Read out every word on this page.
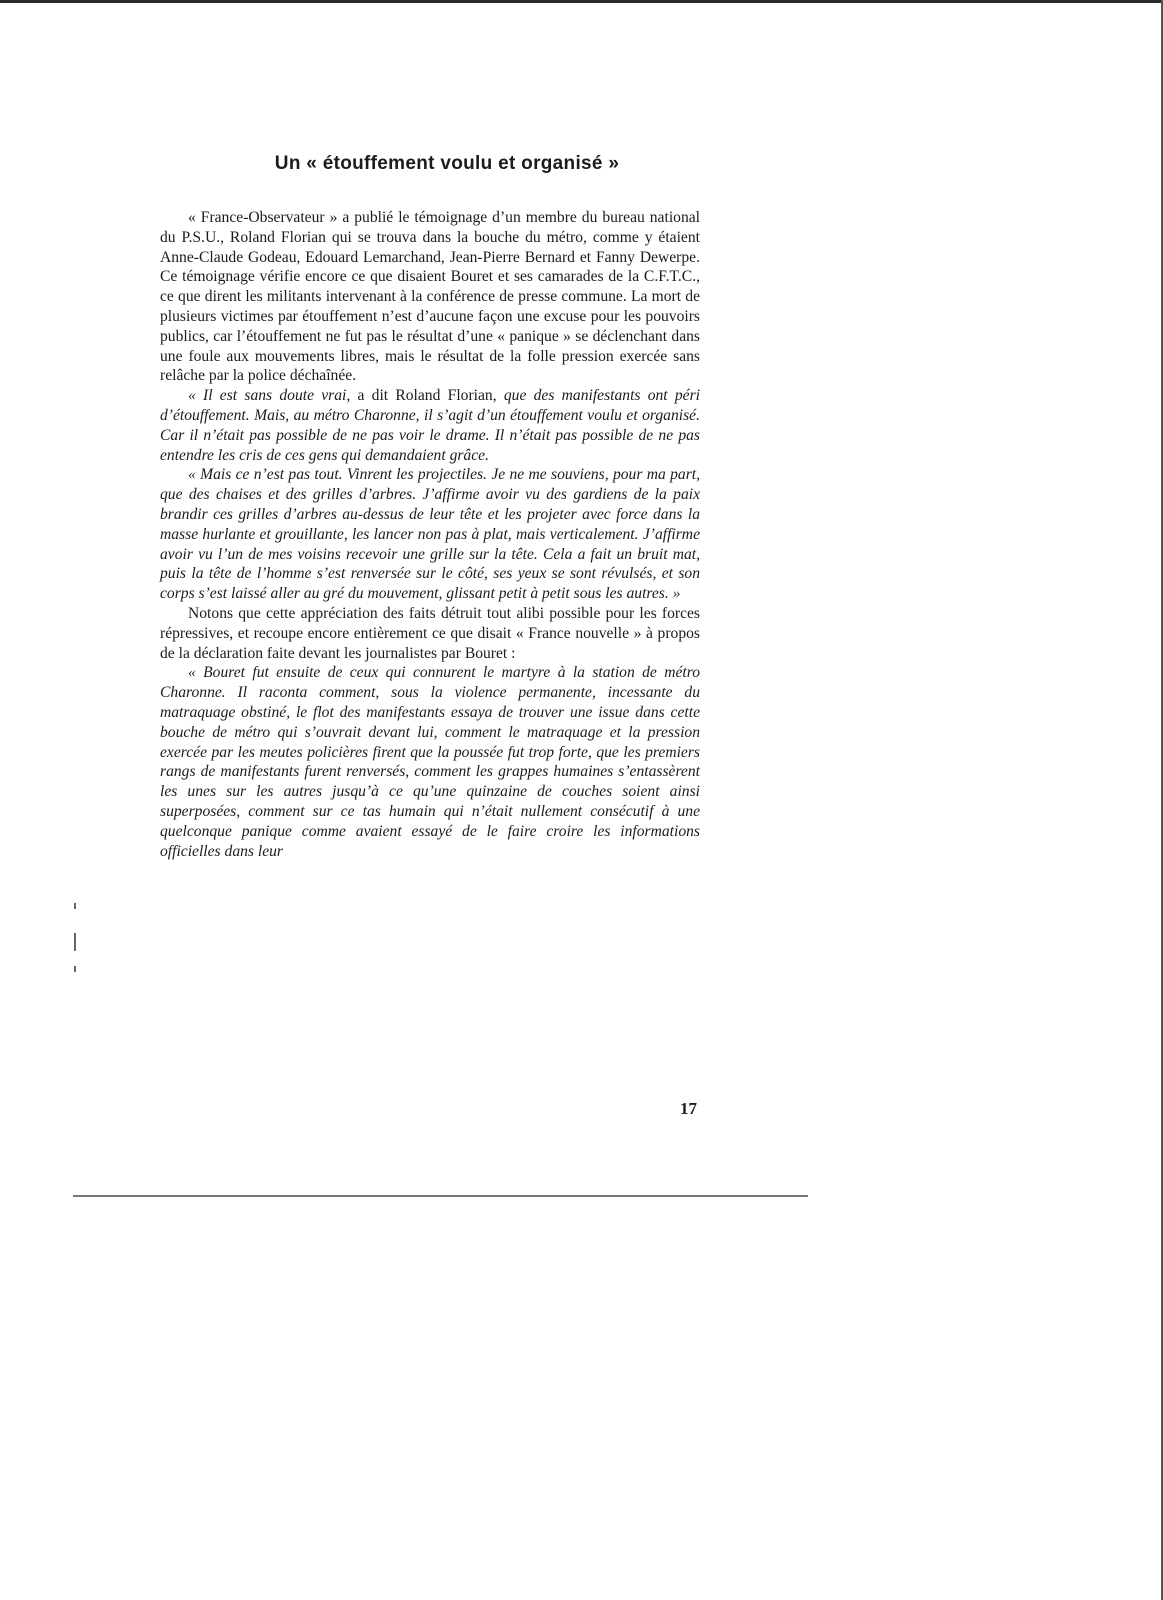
Un « étouffement voulu et organisé »

« France-Observateur » a publié le témoignage d’un membre du bureau national du P.S.U., Roland Florian qui se trouva dans la bouche du métro, comme y étaient Anne-Claude Godeau, Edouard Lemarchand, Jean-Pierre Bernard et Fanny Dewerpe. Ce témoignage vérifie encore ce que disaient Bouret et ses camarades de la C.F.T.C., ce que dirent les militants intervenant à la conférence de presse commune. La mort de plusieurs victimes par étouffement n’est d’aucune façon une excuse pour les pouvoirs publics, car l’étouffement ne fut pas le résultat d’une « panique » se déclenchant dans une foule aux mouvements libres, mais le résultat de la folle pression exercée sans relâche par la police déchaînée.

« Il est sans doute vrai, a dit Roland Florian, que des manifestants ont péri d’étouffement. Mais, au métro Charonne, il s’agit d’un étouffement voulu et organisé. Car il n’était pas possible de ne pas voir le drame. Il n’était pas possible de ne pas entendre les cris de ces gens qui demandaient grâce.

« Mais ce n’est pas tout. Vinrent les projectiles. Je ne me souviens, pour ma part, que des chaises et des grilles d’arbres. J’affirme avoir vu des gardiens de la paix brandir ces grilles d’arbres au-dessus de leur tête et les projeter avec force dans la masse hurlante et grouillante, les lancer non pas à plat, mais verticalement. J’affirme avoir vu l’un de mes voisins recevoir une grille sur la tête. Cela a fait un bruit mat, puis la tête de l’homme s’est renversée sur le côté, ses yeux se sont révulsés, et son corps s’est laissé aller au gré du mouvement, glissant petit à petit sous les autres. »

Notons que cette appréciation des faits détruit tout alibi possible pour les forces répressives, et recoupe encore entièrement ce que disait « France nouvelle » à propos de la déclaration faite devant les journalistes par Bouret :

« Bouret fut ensuite de ceux qui connurent le martyre à la station de métro Charonne. Il raconta comment, sous la violence permanente, incessante du matraquage obstiné, le flot des manifestants essaya de trouver une issue dans cette bouche de métro qui s’ouvrait devant lui, comment le matraquage et la pression exercée par les meutes policières firent que la poussée fut trop forte, que les premiers rangs de manifestants furent renversés, comment les grappes humaines s’entassèrent les unes sur les autres jusqu’à ce qu’une quinzaine de couches soient ainsi superposées, comment sur ce tas humain qui n’était nullement consécutif à une quelconque panique comme avaient essayé de le faire croire les informations officielles dans leur

17
